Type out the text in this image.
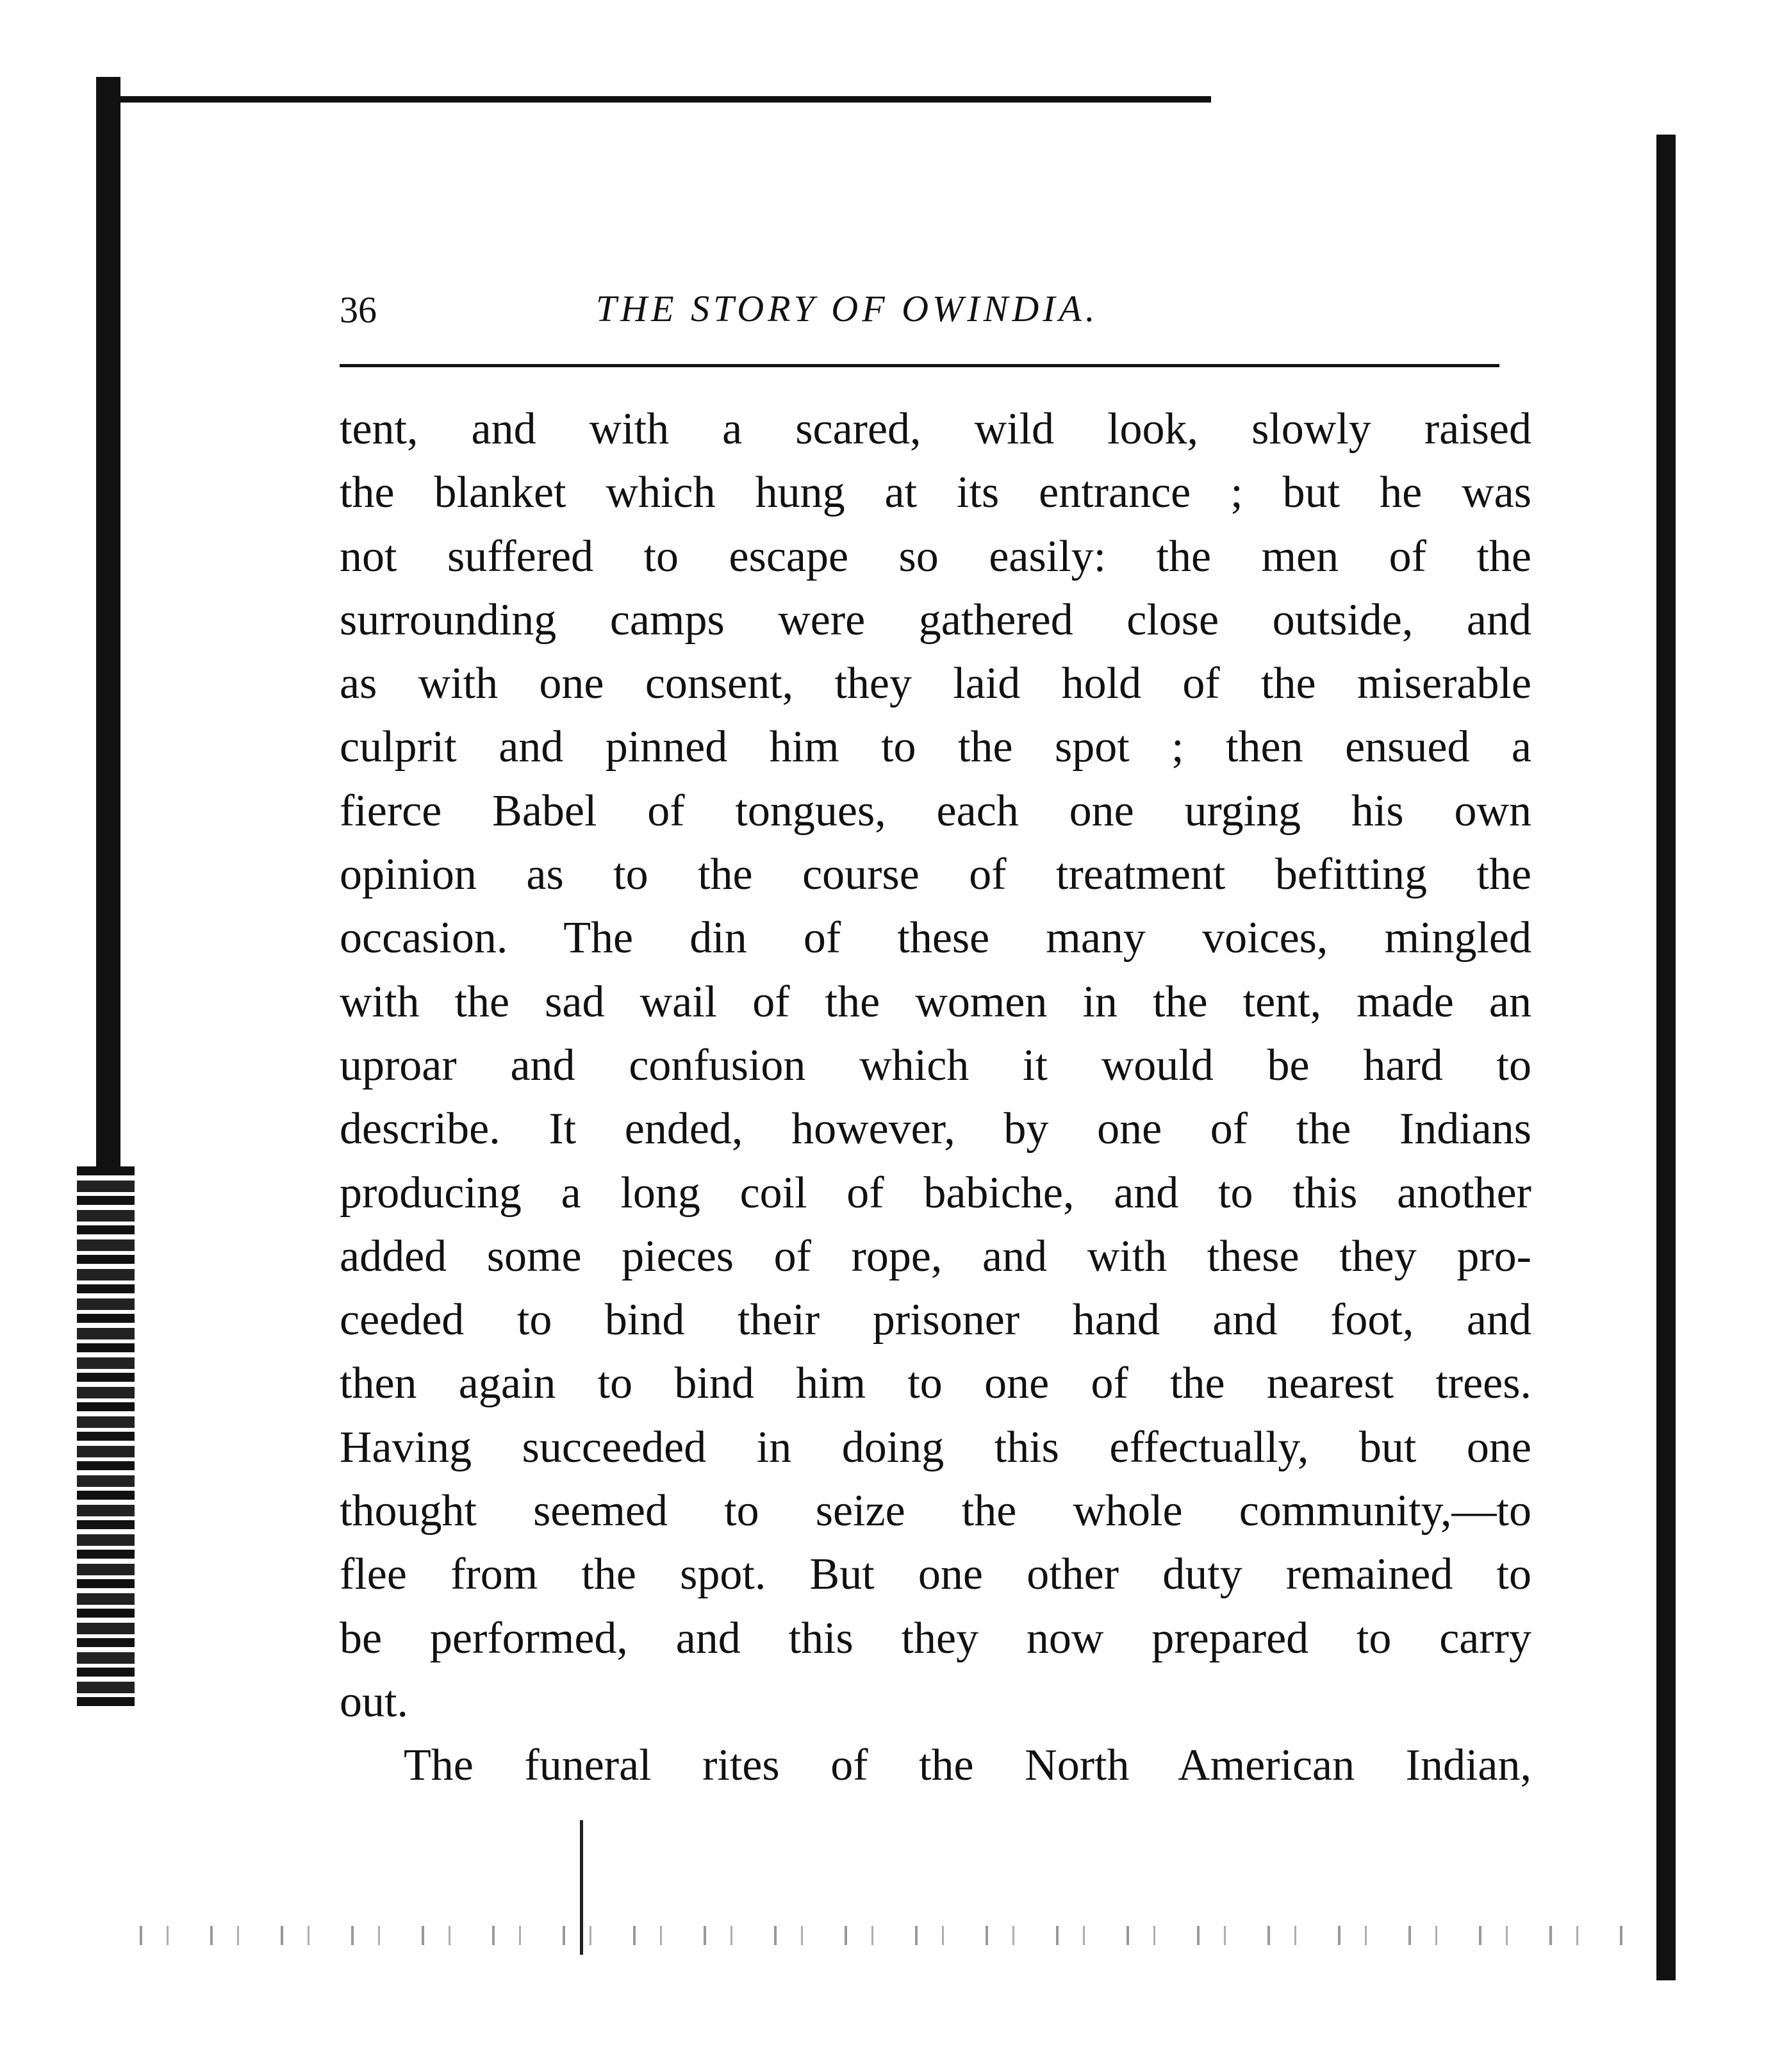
36	THE STORY OF OWINDIA.
tent, and with a scared, wild look, slowly raised
the blanket which hung at its entrance ; but he was
not suffered to escape so easily: the men of the
surrounding camps were gathered close outside, and
as with one consent, they laid hold of the miserable
culprit and pinned him to the spot ; then ensued a
fierce Babel of tongues, each one urging his own
opinion as to the course of treatment befitting the
occasion. The din of these many voices, mingled
with the sad wail of the women in the tent, made an
uproar and confusion which it would be hard to
describe. It ended, however, by one of the Indians
producing a long coil of babiche, and to this another
added some pieces of rope, and with these they pro-
ceeded to bind their prisoner hand and foot, and
then again to bind him to one of the nearest trees.
Having succeeded in doing this effectually, but one
thought seemed to seize the whole community,—to
flee from the spot. But one other duty remained to
be performed, and this they now prepared to carry
out.
The funeral rites of the North American Indian,
